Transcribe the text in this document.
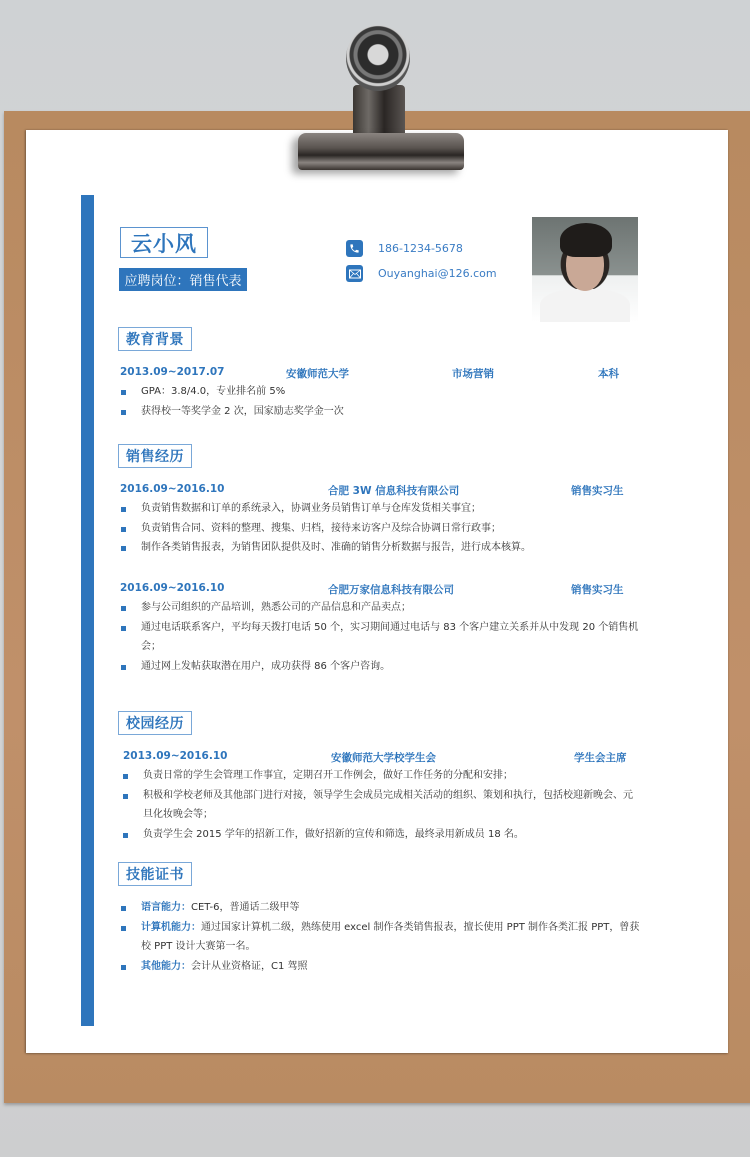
云小风
应聘岗位：销售代表
186-1234-5678
Ouyanghai@126.com
教育背景
2013.09~2017.07	安徽师范大学	市场营销	本科
GPA：3.8/4.0，专业排名前 5%
获得校一等奖学金 2 次，国家励志奖学金一次
销售经历
2016.09~2016.10	合肥 3W 信息科技有限公司	销售实习生
负责销售数据和订单的系统录入，协调业务员销售订单与仓库发货相关事宜；
负责销售合同、资料的整理、搜集、归档，接待来访客户及综合协调日常行政事；
制作各类销售报表，为销售团队提供及时、准确的销售分析数据与报告，进行成本核算。
2016.09~2016.10	合肥万家信息科技有限公司	销售实习生
参与公司组织的产品培训，熟悉公司的产品信息和产品卖点；
通过电话联系客户，平均每天拨打电话 50 个，实习期间通过电话与 83 个客户建立关系并从中发现 20 个销售机会；
通过网上发帖获取潜在用户，成功获得 86 个客户咨询。
校园经历
2013.09~2016.10	安徽师范大学校学生会	学生会主席
负责日常的学生会管理工作事宜，定期召开工作例会，做好工作任务的分配和安排；
积极和学校老师及其他部门进行对接，领导学生会成员完成相关活动的组织、策划和执行，包括校迎新晚会、元旦化妆晚会等；
负责学生会 2015 学年的招新工作，做好招新的宣传和筛选，最终录用新成员 18 名。
技能证书
语言能力：CET-6，普通话二级甲等
计算机能力：通过国家计算机二级，熟练使用 excel 制作各类销售报表，擅长使用 PPT 制作各类汇报 PPT，曾获校 PPT 设计大赛第一名。
其他能力：会计从业资格证，C1 驾照
